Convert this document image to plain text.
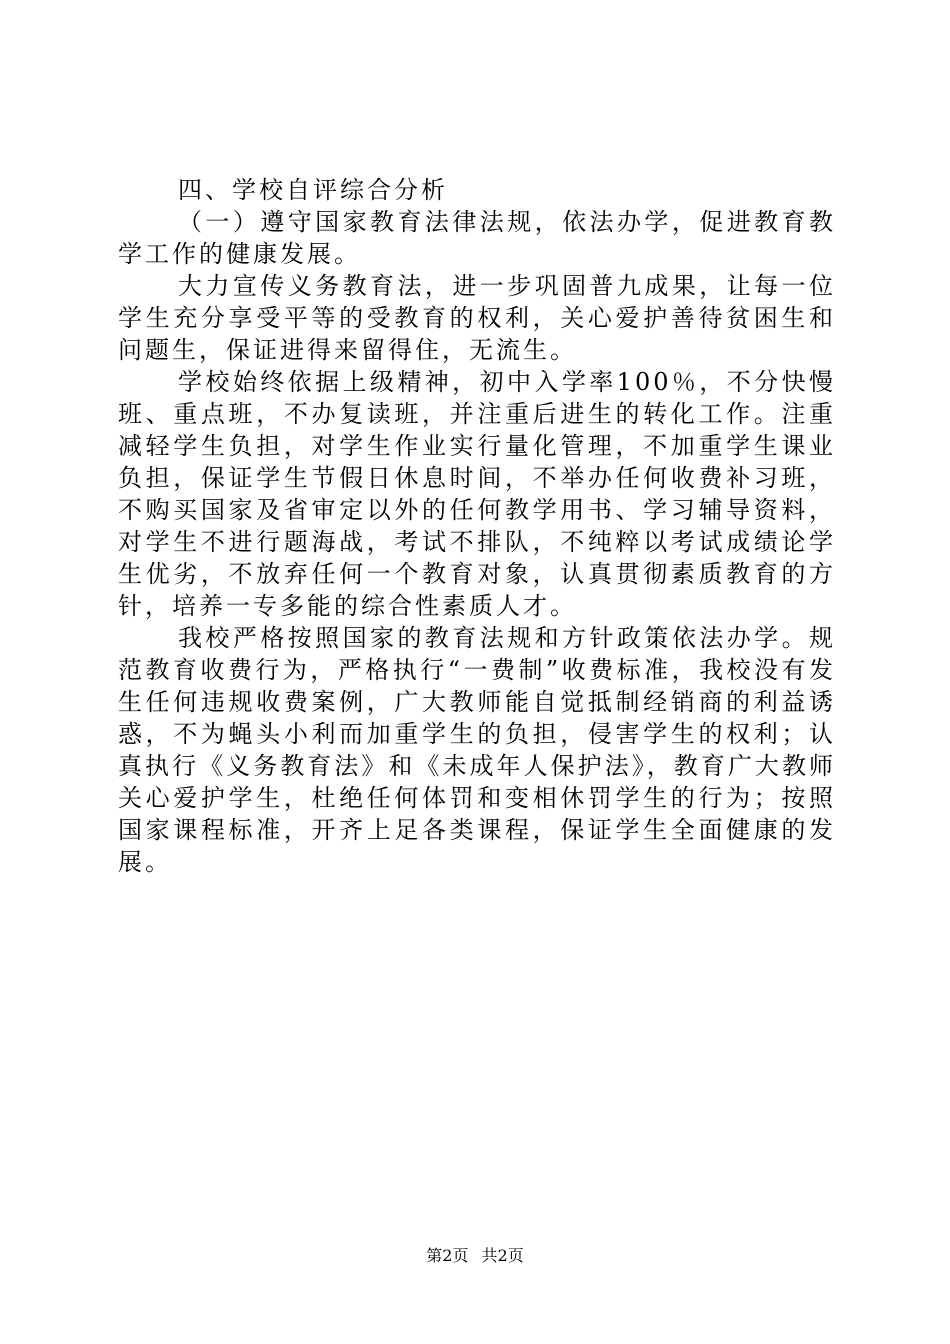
四、学校自评综合分析

（一）遵守国家教育法律法规，依法办学，促进教育教学工作的健康发展。

大力宣传义务教育法，进一步巩固普九成果，让每一位学生充分享受平等的受教育的权利，关心爱护善待贫困生和问题生，保证进得来留得住，无流生。

学校始终依据上级精神，初中入学率100％，不分快慢班、重点班，不办复读班，并注重后进生的转化工作。注重减轻学生负担，对学生作业实行量化管理，不加重学生课业负担，保证学生节假日休息时间，不举办任何收费补习班，不购买国家及省审定以外的任何教学用书、学习辅导资料，对学生不进行题海战，考试不排队，不纯粹以考试成绩论学生优劣，不放弃任何一个教育对象，认真贯彻素质教育的方针，培养一专多能的综合性素质人才。

我校严格按照国家的教育法规和方针政策依法办学。规范教育收费行为，严格执行“一费制”收费标准，我校没有发生任何违规收费案例，广大教师能自觉抵制经销商的利益诱惑，不为蝇头小利而加重学生的负担，侵害学生的权利；认真执行《义务教育法》和《未成年人保护法》，教育广大教师关心爱护学生，杜绝任何体罚和变相休罚学生的行为；按照国家课程标准，开齐上足各类课程，保证学生全面健康的发展。

第2页 共2页
